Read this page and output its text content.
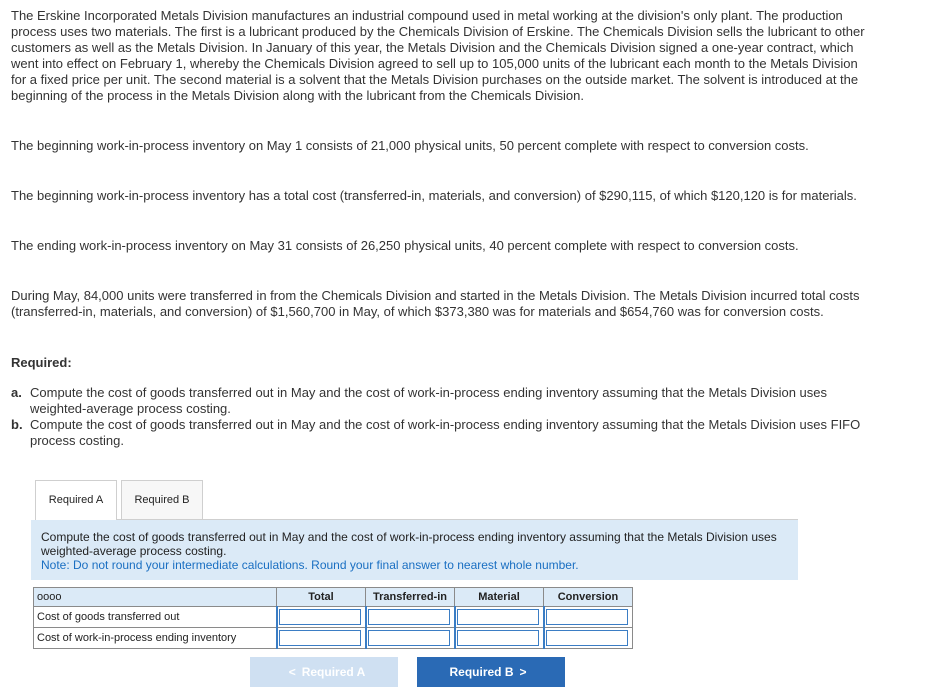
The Erskine Incorporated Metals Division manufactures an industrial compound used in metal working at the division's only plant. The production process uses two materials. The first is a lubricant produced by the Chemicals Division of Erskine. The Chemicals Division sells the lubricant to other customers as well as the Metals Division. In January of this year, the Metals Division and the Chemicals Division signed a one-year contract, which went into effect on February 1, whereby the Chemicals Division agreed to sell up to 105,000 units of the lubricant each month to the Metals Division for a fixed price per unit. The second material is a solvent that the Metals Division purchases on the outside market. The solvent is introduced at the beginning of the process in the Metals Division along with the lubricant from the Chemicals Division.

The beginning work-in-process inventory on May 1 consists of 21,000 physical units, 50 percent complete with respect to conversion costs.

The beginning work-in-process inventory has a total cost (transferred-in, materials, and conversion) of $290,115, of which $120,120 is for materials.

The ending work-in-process inventory on May 31 consists of 26,250 physical units, 40 percent complete with respect to conversion costs.

During May, 84,000 units were transferred in from the Chemicals Division and started in the Metals Division. The Metals Division incurred total costs (transferred-in, materials, and conversion) of $1,560,700 in May, of which $373,380 was for materials and $654,760 was for conversion costs.

Required:

a. Compute the cost of goods transferred out in May and the cost of work-in-process ending inventory assuming that the Metals Division uses weighted-average process costing.

b. Compute the cost of goods transferred out in May and the cost of work-in-process ending inventory assuming that the Metals Division uses FIFO process costing.

Required A	Required B
Compute the cost of goods transferred out in May and the cost of work-in-process ending inventory assuming that the Metals Division uses weighted-average process costing.
Note: Do not round your intermediate calculations. Round your final answer to nearest whole number.
oooo	Total	Transferred-in	Material	Conversion
Cost of goods transferred out				
Cost of work-in-process ending inventory				
< Required A	Required B >
